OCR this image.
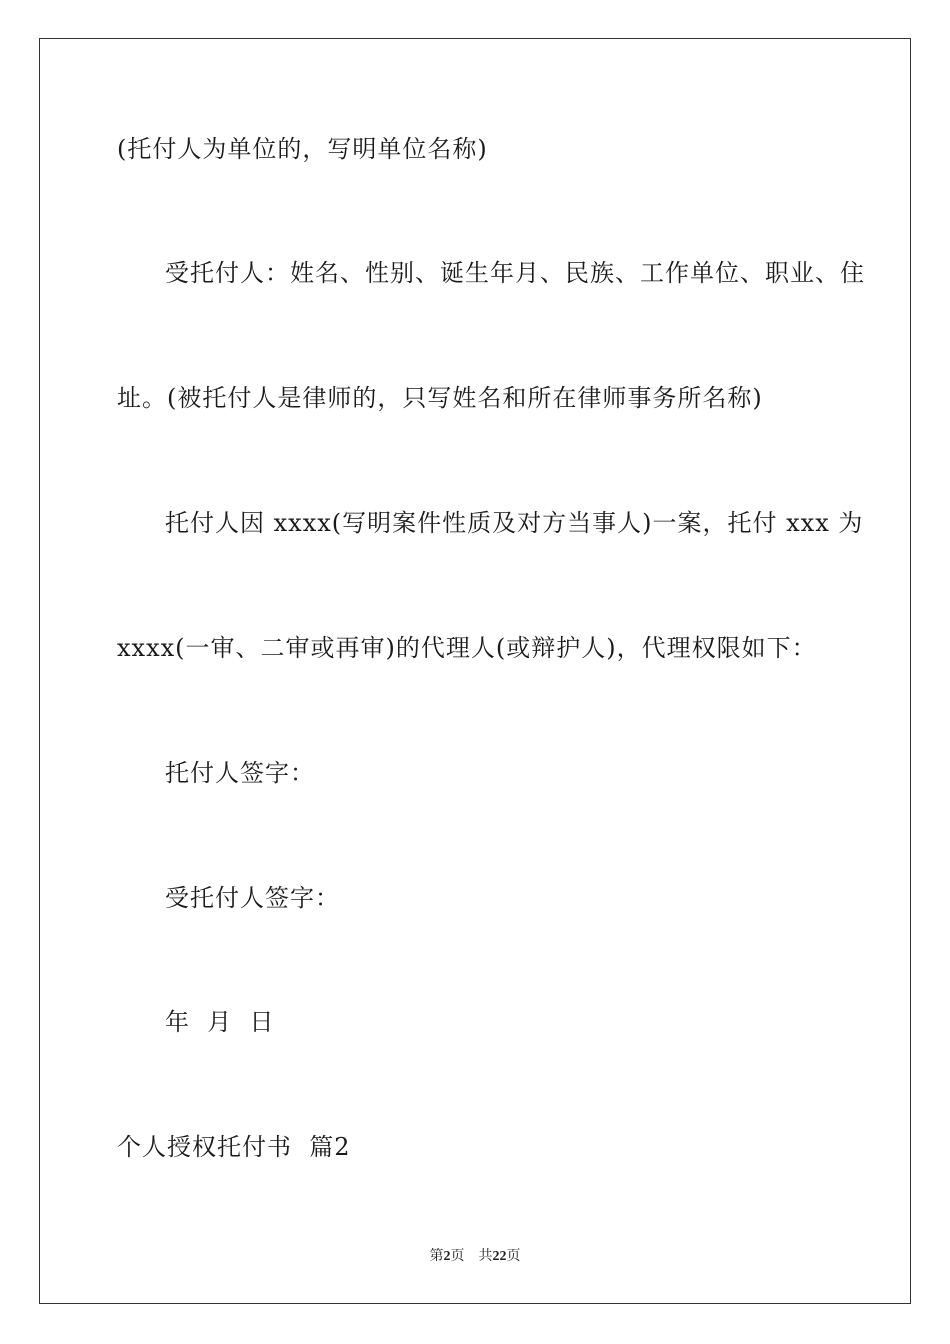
(托付人为单位的，写明单位名称)
受托付人：姓名、性别、诞生年月、民族、工作单位、职业、住
址。(被托付人是律师的，只写姓名和所在律师事务所名称)
托付人因 xxxx(写明案件性质及对方当事人)一案，托付 xxx 为
xxxx(一审、二审或再审)的代理人(或辩护人)，代理权限如下：
托付人签字：
受托付人签字：
年  月  日
个人授权托付书  篇2
第2页 共22页
